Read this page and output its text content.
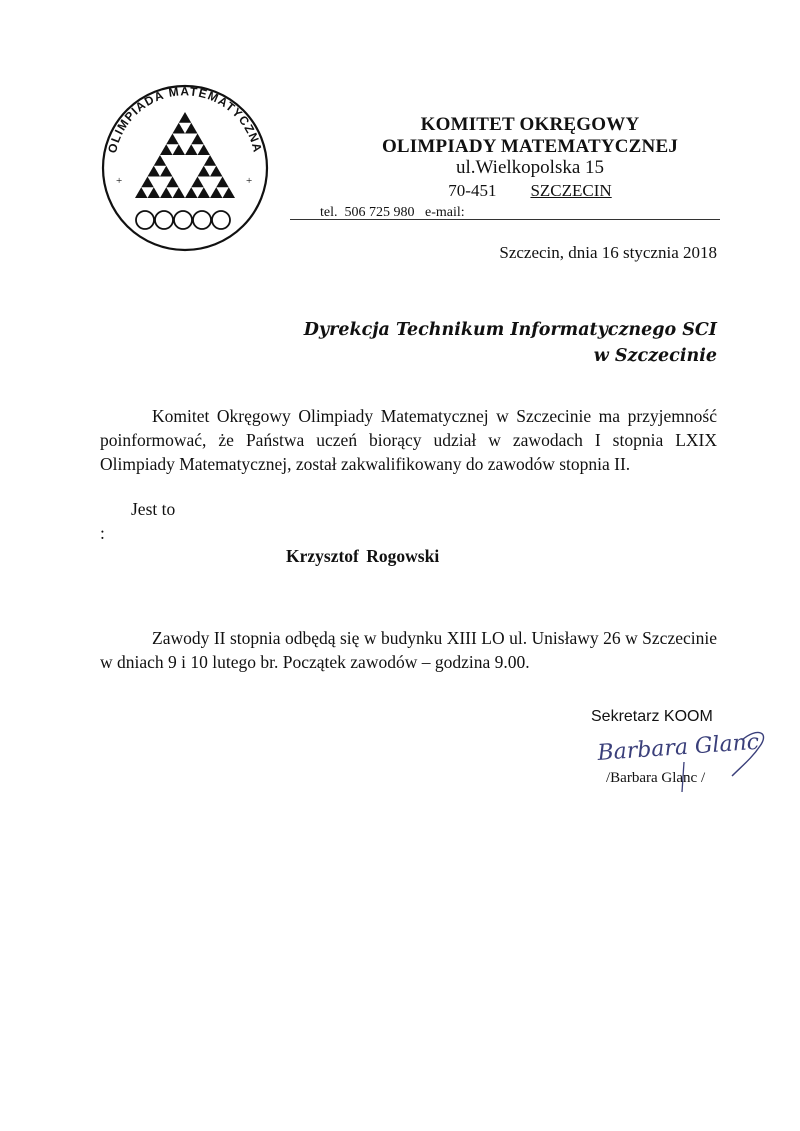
OLIMPIADA MATEMATYCZNA
+	+
KOMITET OKRĘGOWY
OLIMPIADY MATEMATYCZNEJ
ul.Wielkopolska 15
70-451 SZCZECIN
tel.  506 725 980   e-mail:
Szczecin, dnia 16 stycznia 2018
Dyrekcja Technikum Informatycznego SCI
w Szczecinie
Komitet Okręgowy Olimpiady Matematycznej w Szczecinie ma przyjemność poinformować, że Państwa uczeń biorący udział w zawodach I stopnia LXIX Olimpiady Matematycznej, został zakwalifikowany do zawodów stopnia II.
Jest to
:
Krzysztof Rogowski
Zawody II stopnia odbędą się w budynku XIII LO ul. Unisławy 26 w Szczecinie w dniach 9 i 10 lutego br. Początek zawodów – godzina 9.00.
Sekretarz KOOM
Barbara Glanc
/Barbara Glanc /
